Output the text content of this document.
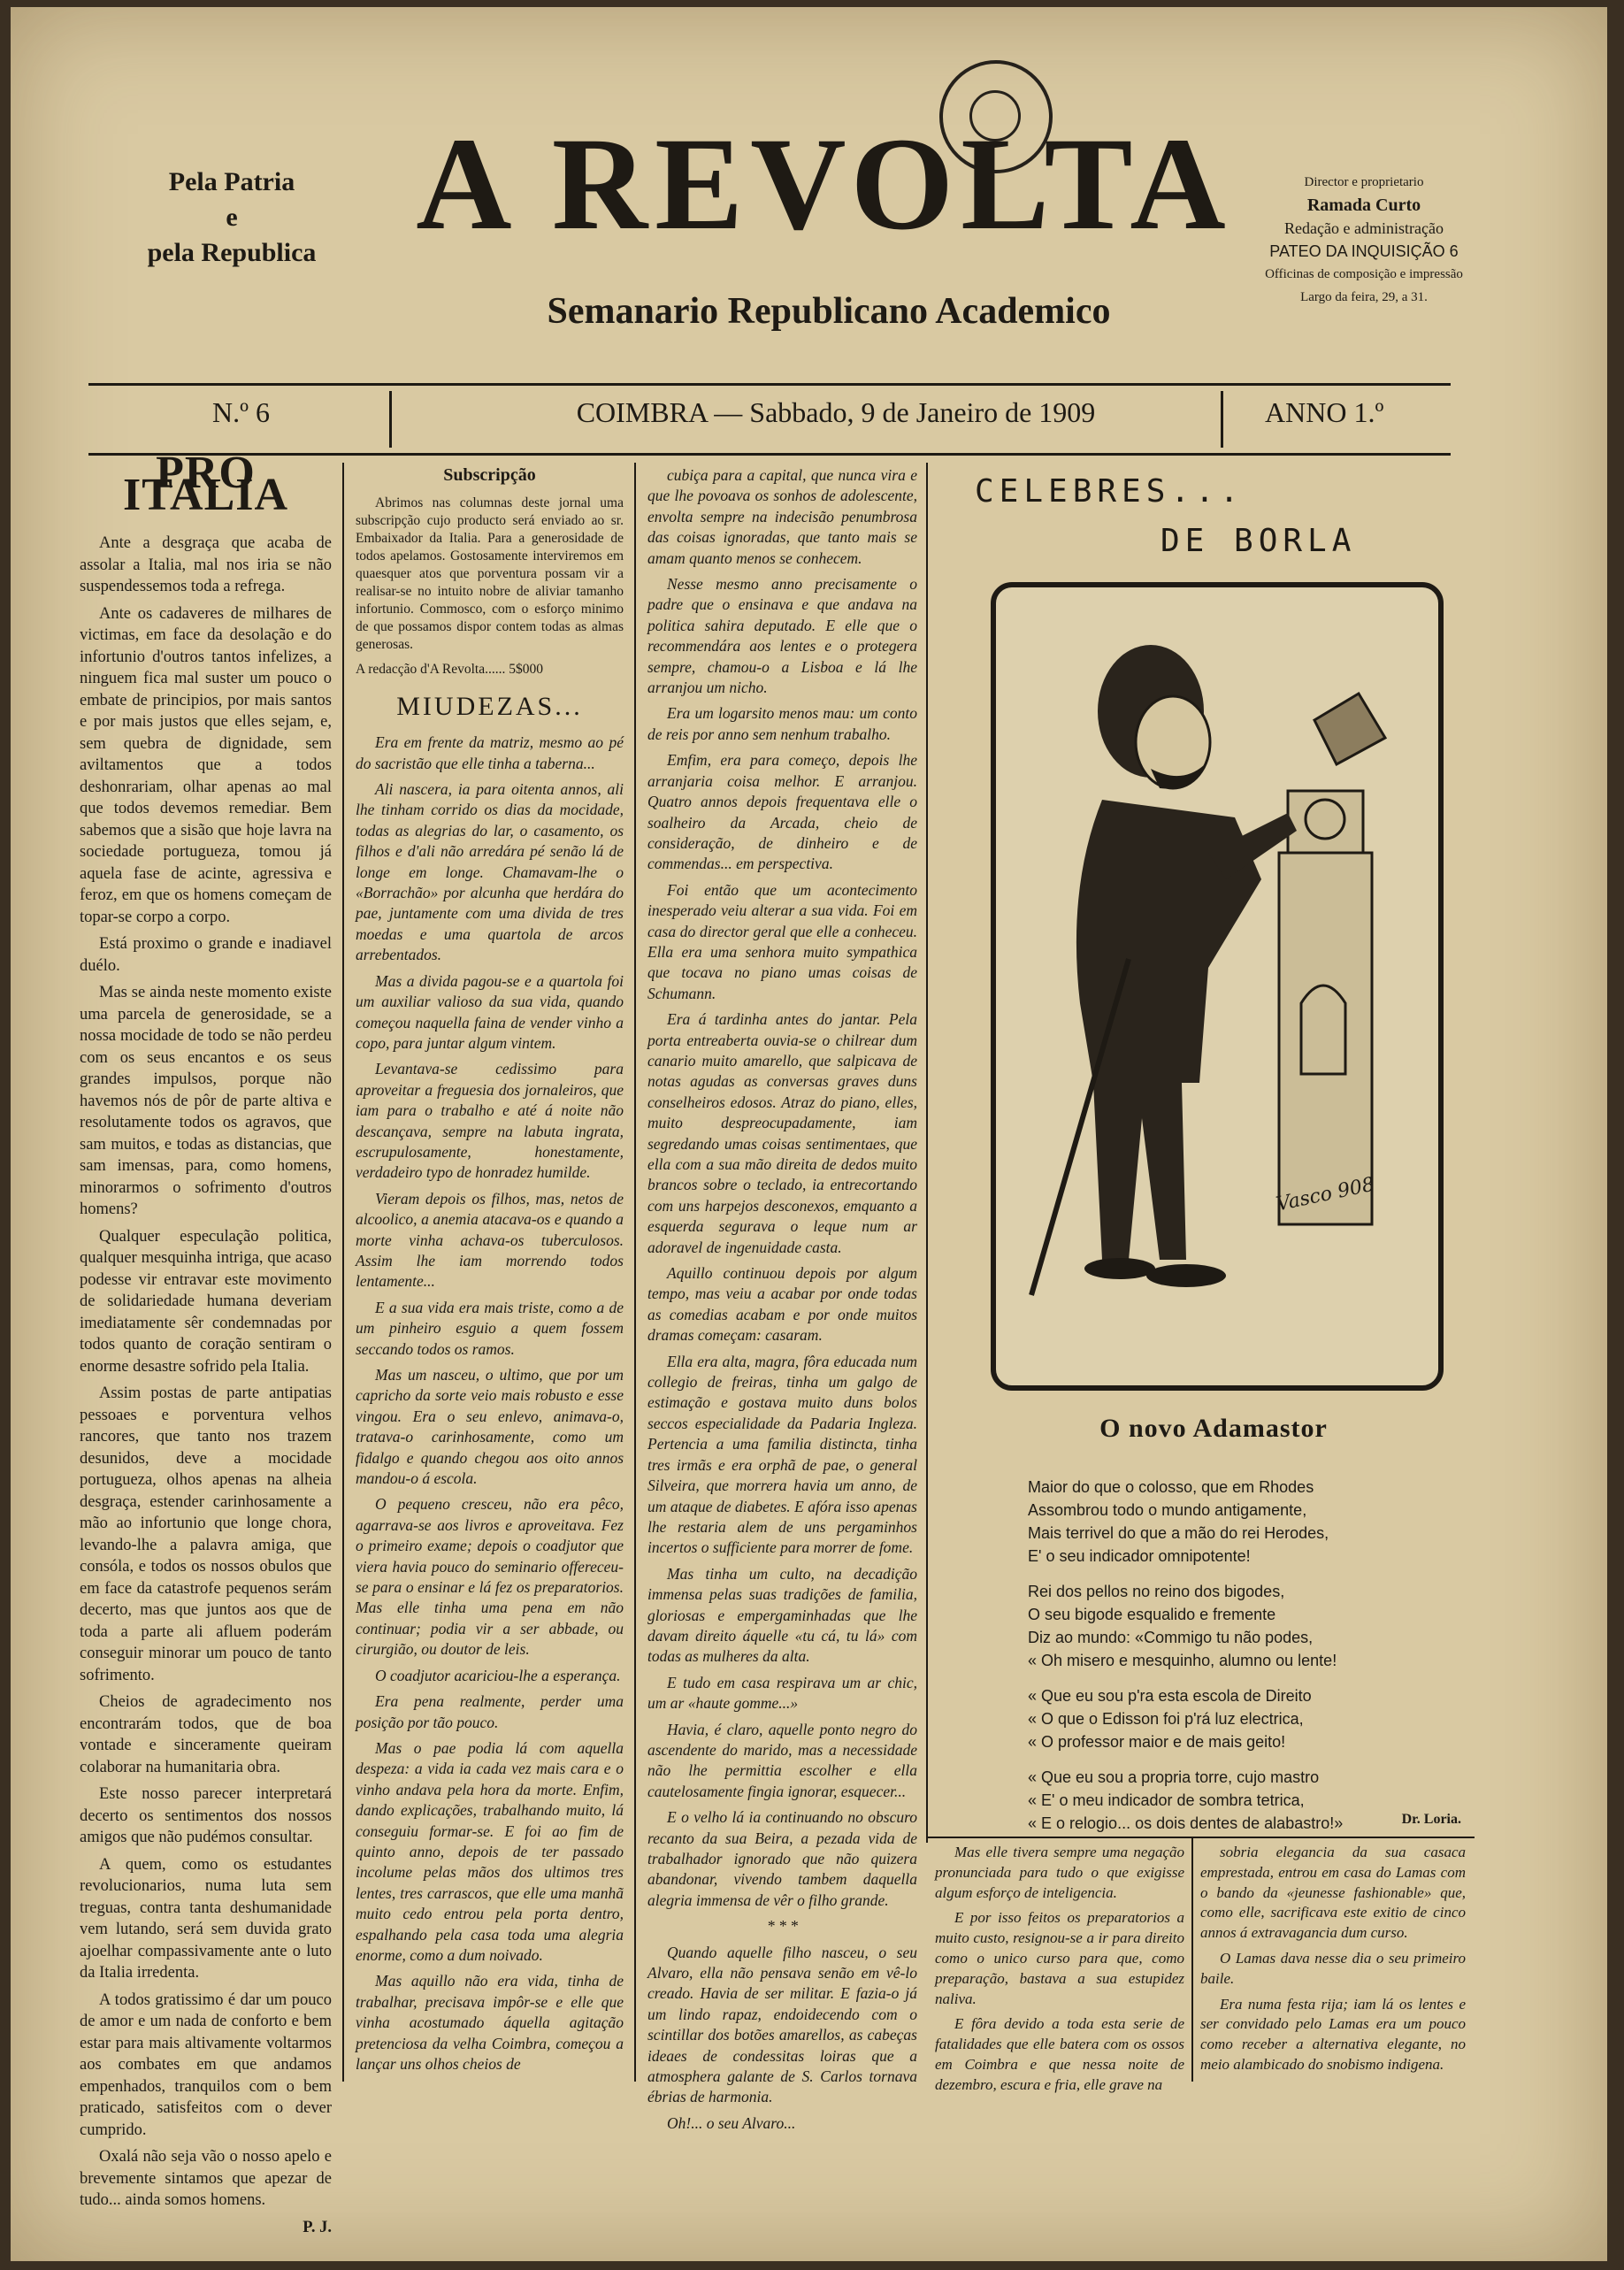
Pela Patria
e
pela Republica A REVOLTA
Semanario Republicano Academico
Director e proprietario
Ramada Curto
Redação e administração
PATEO DA INQUISIÇÃO 6
Officinas de composição e impressão
Largo da feira, 29, a 31.
N.º 6	COIMBRA — Sabbado, 9 de Janeiro de 1909	ANNO 1.º
PRO ITALIA

Ante a desgraça que acaba de assolar a Italia, mal nos iria se não suspendessemos toda a refrega.

Ante os cadaveres de milhares de victimas, em face da desolação e do infortunio d'outros tantos infelizes, a ninguem fica mal suster um pouco o embate de principios, por mais santos e por mais justos que elles sejam, e, sem quebra de dignidade, sem aviltamentos que a todos deshonrariam, olhar apenas ao mal que todos devemos remediar. Bem sabemos que a sisão que hoje lavra na sociedade portugueza, tomou já aquela fase de acinte, agressiva e feroz, em que os homens começam de topar-se corpo a corpo.

Está proximo o grande e inadiavel duélo.

Mas se ainda neste momento existe uma parcela de generosidade, se a nossa mocidade de todo se não perdeu com os seus encantos e os seus grandes impulsos, porque não havemos nós de pôr de parte altiva e resolutamente todos os agravos, que sam muitos, e todas as distancias, que sam imensas, para, como homens, minorarmos o sofrimento d'outros homens?

Qualquer especulação politica, qualquer mesquinha intriga, que acaso podesse vir entravar este movimento de solidariedade humana deveriam imediatamente sêr condemnadas por todos quanto de coração sentiram o enorme desastre sofrido pela Italia.

Assim postas de parte antipatias pessoaes e porventura velhos rancores, que tanto nos trazem desunidos, deve a mocidade portugueza, olhos apenas na alheia desgraça, estender carinhosamente a mão ao infortunio que longe chora, levando-lhe a palavra amiga, que consóla, e todos os nossos obulos que em face da catastrofe pequenos serám decerto, mas que juntos aos que de toda a parte ali afluem poderám conseguir minorar um pouco de tanto sofrimento.

Cheios de agradecimento nos encontrarám todos, que de boa vontade e sinceramente queiram colaborar na humanitaria obra.

Este nosso parecer interpretará decerto os sentimentos dos nossos amigos que não pudémos consultar.

A quem, como os estudantes revolucionarios, numa luta sem treguas, contra tanta deshumanidade vem lutando, será sem duvida grato ajoelhar compassivamente ante o luto da Italia irredenta.

A todos gratissimo é dar um pouco de amor e um nada de conforto e bem estar para mais altivamente voltarmos aos combates em que andamos empenhados, tranquilos com o bem praticado, satisfeitos com o dever cumprido.

Oxalá não seja vão o nosso apelo e brevemente sintamos que apezar de tudo... ainda somos homens.

P. J.
Subscripção

Abrimos nas columnas deste jornal uma subscripção cujo producto será enviado ao sr. Embaixador da Italia. Para a generosidade de todos apelamos. Gostosamente interviremos em quaesquer atos que porventura possam vir a realisar-se no intuito nobre de aliviar tamanho infortunio. Commosco, com o esforço minimo de que possamos dispor contem todas as almas generosas.

A redacção d'A Revolta...... 5$000

MIUDEZAS...

Era em frente da matriz, mesmo ao pé do sacristão que elle tinha a taberna...

Ali nascera, ia para oitenta annos, ali lhe tinham corrido os dias da mocidade, todas as alegrias do lar, o casamento, os filhos e d'ali não arredára pé senão lá de longe em longe. Chamavam-lhe o «Borrachão» por alcunha que herdára do pae, juntamente com uma divida de tres moedas e uma quartola de arcos arrebentados.

Mas a divida pagou-se e a quartola foi um auxiliar valioso da sua vida, quando começou naquella faina de vender vinho a copo, para juntar algum vintem.

Levantava-se cedissimo para aproveitar a freguesia dos jornaleiros, que iam para o trabalho e até á noite não descançava, sempre na labuta ingrata, escrupulosamente, honestamente, verdadeiro typo de honradez humilde.

Vieram depois os filhos, mas, netos de alcoolico, a anemia atacava-os e quando a morte vinha achava-os tuberculosos. Assim lhe iam morrendo todos lentamente...

E a sua vida era mais triste, como a de um pinheiro esguio a quem fossem seccando todos os ramos.

Mas um nasceu, o ultimo, que por um capricho da sorte veio mais robusto e esse vingou. Era o seu enlevo, animava-o, tratava-o carinhosamente, como um fidalgo e quando chegou aos oito annos mandou-o á escola.

O pequeno cresceu, não era pêco, agarrava-se aos livros e aproveitava. Fez o primeiro exame; depois o coadjutor que viera havia pouco do seminario offereceu-se para o ensinar e lá fez os preparatorios. Mas elle tinha uma pena em não continuar; podia vir a ser abbade, ou cirurgião, ou doutor de leis.

O coadjutor acariciou-lhe a esperança.

Era pena realmente, perder uma posição por tão pouco.

Mas o pae podia lá com aquella despeza: a vida ia cada vez mais cara e o vinho andava pela hora da morte. Enfim, dando explicações, trabalhando muito, lá conseguiu formar-se. E foi ao fim de quinto anno, depois de ter passado incolume pelas mãos dos ultimos tres lentes, tres carrascos, que elle uma manhã muito cedo entrou pela porta dentro, espalhando pela casa toda uma alegria enorme, como a dum noivado.

Mas aquillo não era vida, tinha de trabalhar, precisava impôr-se e elle que vinha acostumado áquella agitação pretenciosa da velha Coimbra, começou a lançar uns olhos cheios de

cubiça para a capital, que nunca vira e que lhe povoava os sonhos de adolescente, envolta sempre na indecisão penumbrosa das coisas ignoradas, que tanto mais se amam quanto menos se conhecem.

Nesse mesmo anno precisamente o padre que o ensinava e que andava na politica sahira deputado. E elle que o recommendára aos lentes e o protegera sempre, chamou-o a Lisboa e lá lhe arranjou um nicho.

Era um logarsito menos mau: um conto de reis por anno sem nenhum trabalho.

Emfim, era para começo, depois lhe arranjaria coisa melhor. E arranjou. Quatro annos depois frequentava elle o soalheiro da Arcada, cheio de consideração, de dinheiro e de commendas... em perspectiva.

Foi então que um acontecimento inesperado veiu alterar a sua vida. Foi em casa do director geral que elle a conheceu. Ella era uma senhora muito sympathica que tocava no piano umas coisas de Schumann.

Era á tardinha antes do jantar. Pela porta entreaberta ouvia-se o chilrear dum canario muito amarello, que salpicava de notas agudas as conversas graves duns conselheiros edosos. Atraz do piano, elles, muito despreocupadamente, iam segredando umas coisas sentimentaes, que ella com a sua mão direita de dedos muito brancos sobre o teclado, ia entrecortando com uns harpejos desconexos, emquanto a esquerda segurava o leque num ar adoravel de ingenuidade casta.

Aquillo continuou depois por algum tempo, mas veiu a acabar por onde todas as comedias acabam e por onde muitos dramas começam: casaram.

Ella era alta, magra, fôra educada num collegio de freiras, tinha um galgo de estimação e gostava muito duns bolos seccos especialidade da Padaria Ingleza. Pertencia a uma familia distincta, tinha tres irmãs e era orphã de pae, o general Silveira, que morrera havia um anno, de um ataque de diabetes. E afóra isso apenas lhe restaria alem de uns pergaminhos incertos o sufficiente para morrer de fome.

Mas tinha um culto, na decadição immensa pelas suas tradições de familia, gloriosas e empergaminhadas que lhe davam direito áquelle «tu cá, tu lá» com todas as mulheres da alta.

E tudo em casa respirava um ar chic, um ar «haute gomme...»

Havia, é claro, aquelle ponto negro do ascendente do marido, mas a necessidade não lhe permittia escolher e ella cautelosamente fingia ignorar, esquecer...

E o velho lá ia continuando no obscuro recanto da sua Beira, a pezada vida de trabalhador ignorado que não quizera abandonar, vivendo tambem daquella alegria immensa de vêr o filho grande.

* * *

Quando aquelle filho nasceu, o seu Alvaro, ella não pensava senão em vê-lo creado. Havia de ser militar. E fazia-o já um lindo rapaz, endoidecendo com o scintillar dos botões amarellos, as cabeças ideaes de condessitas loiras que a atmosphera galante de S. Carlos tornava ébrias de harmonia.

Oh!... o seu Alvaro...

CELEBRES...
DE BORLA
Vasco 908
O novo Adamastor
Maior do que o colosso, que em Rhodes
Assombrou todo o mundo antigamente,
Mais terrivel do que a mão do rei Herodes,
E' o seu indicador omnipotente!
Rei dos pellos no reino dos bigodes,
O seu bigode esqualido e fremente
Diz ao mundo: «Commigo tu não podes,
« Oh misero e mesquinho, alumno ou lente!
« Que eu sou p'ra esta escola de Direito
« O que o Edisson foi p'rá luz electrica,
« O professor maior e de mais geito!
« Que eu sou a propria torre, cujo mastro
« E' o meu indicador de sombra tetrica,
« E o relogio... os dois dentes de alabastro!»	Dr. Loria.

Mas elle tivera sempre uma negação pronunciada para tudo o que exigisse algum esforço de inteligencia.

E por isso feitos os preparatorios a muito custo, resignou-se a ir para direito como o unico curso para que, como preparação, bastava a sua estupidez naliva.

E fôra devido a toda esta serie de fatalidades que elle batera com os ossos em Coimbra e que nessa noite de dezembro, escura e fria, elle grave na

sobria elegancia da sua casaca emprestada, entrou em casa do Lamas com o bando da «jeunesse fashionable» que, como elle, sacrificava este exitio de cinco annos á extravagancia dum curso.

O Lamas dava nesse dia o seu primeiro baile.

Era numa festa rija; iam lá os lentes e ser convidado pelo Lamas era um pouco como receber a alternativa elegante, no meio alambicado do snobismo indigena.
